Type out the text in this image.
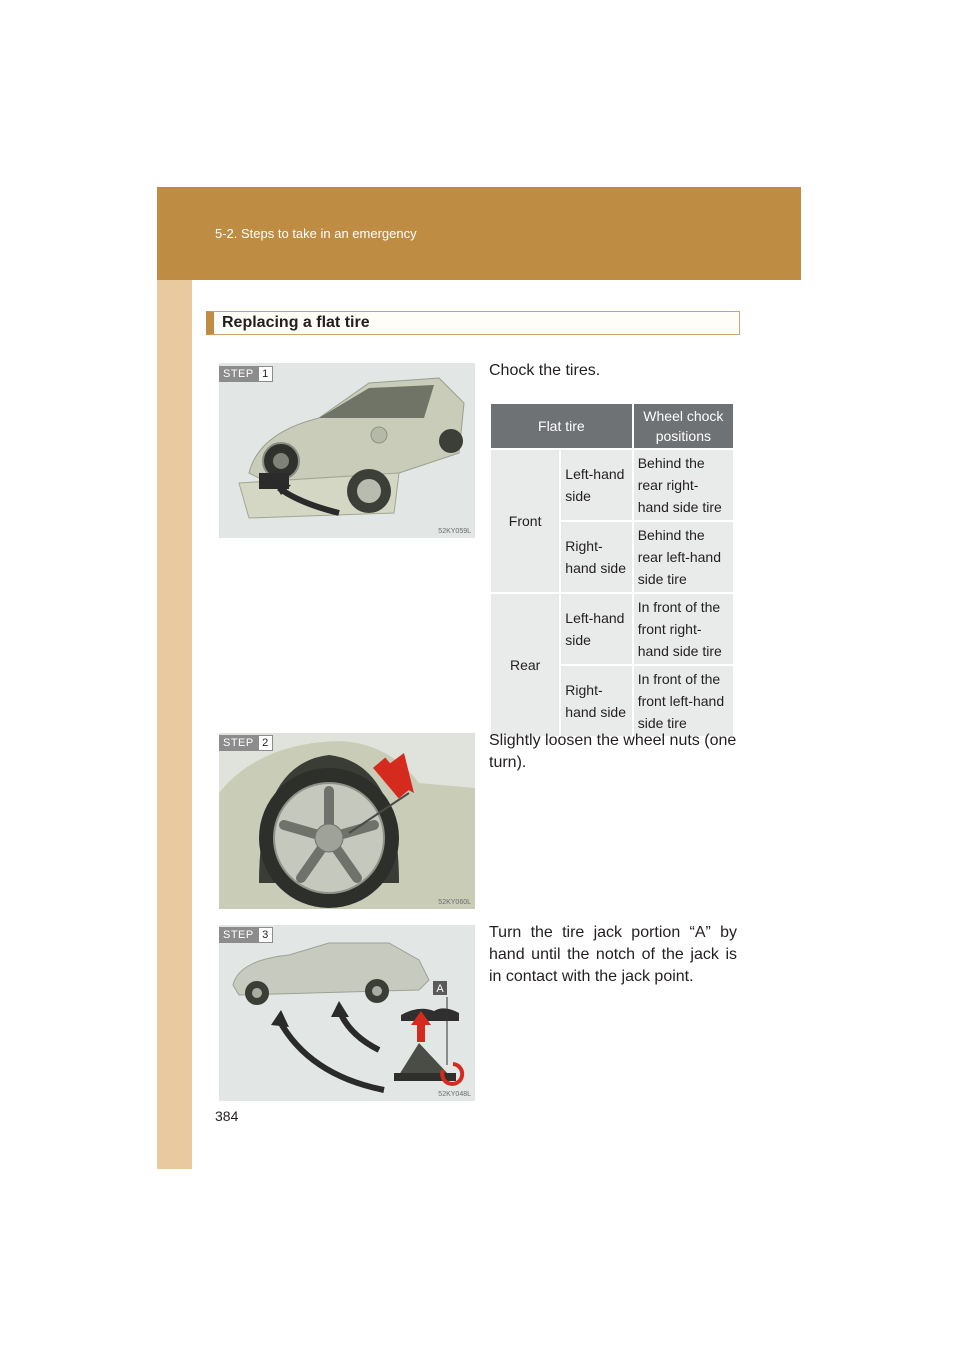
5-2. Steps to take in an emergency
Replacing a flat tire
52KY059L
STEP 1	Chock the tires.
Flat tire		Wheel chock positions
Front	Left-hand side	Behind the rear right-hand side tire
	Right-hand side	Behind the rear left-hand side tire
Rear	Left-hand side	In front of the front right-hand side tire
	Right-hand side	In front of the front left-hand side tire
52KY060L
STEP 2	Slightly loosen the wheel nuts (one turn).
A
52KY048L
STEP 3	Turn the tire jack portion “A” by hand until the notch of the jack is in contact with the jack point.
384
